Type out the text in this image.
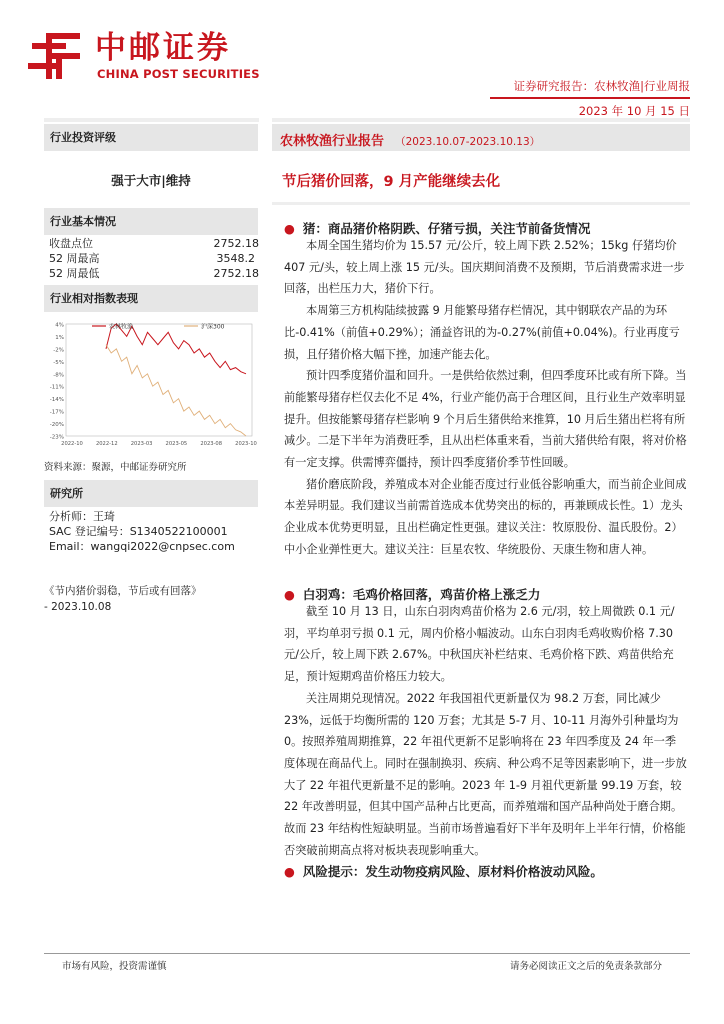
中邮证券
CHINA POST SECURITIES
证券研究报告：农林牧渔|行业周报
2023 年 10 月 15 日
行业投资评级
强于大市|维持
行业基本情况
收盘点位	2752.18
52 周最高	3548.2
52 周最低	2752.18
行业相对指数表现
4%
1%
-2%
-5%
-8%
-11%
-14%
-17%
-20%
-23%
2022-10	2022-12	2023-03	2023-05	2023-08	2023-10
农林牧渔	沪深300
资料来源：聚源，中邮证券研究所
研究所
分析师：王琦
SAC 登记编号：S1340522100001
Email：wangqi2022@cnpsec.com
《节内猪价弱稳，节后或有回落》
- 2023.10.08
农林牧渔行业报告 （2023.10.07-2023.10.13）
节后猪价回落，9 月产能继续去化
● 猪：商品猪价格阴跌、仔猪亏损，关注节前备货情况

本周全国生猪均价为 15.57 元/公斤，较上周下跌 2.52%；15kg 仔猪均价 407 元/头，较上周上涨 15 元/头。国庆期间消费不及预期，节后消费需求进一步回落，出栏压力大，猪价下行。

本周第三方机构陆续披露 9 月能繁母猪存栏情况，其中钢联农产品的为环比-0.41%（前值+0.29%）；涌益咨讯的为-0.27%(前值+0.04%)。行业再度亏损，且仔猪价格大幅下挫，加速产能去化。

预计四季度猪价温和回升。一是供给依然过剩，但四季度环比或有所下降。当前能繁母猪存栏仅去化不足 4%，行业产能仍高于合理区间，且行业生产效率明显提升。但按能繁母猪存栏影响 9 个月后生猪供给来推算，10 月后生猪出栏将有所减少。二是下半年为消费旺季，且从出栏体重来看，当前大猪供给有限，将对价格有一定支撑。供需博弈僵持，预计四季度猪价季节性回暖。

猪价磨底阶段，养殖成本对企业能否度过行业低谷影响重大，而当前企业间成本差异明显。我们建议当前需首选成本优势突出的标的，再兼顾成长性。1）龙头企业成本优势更明显，且出栏确定性更强。建议关注：牧原股份、温氏股份。2）中小企业弹性更大。建议关注：巨星农牧、华统股份、天康生物和唐人神。

● 白羽鸡：毛鸡价格回落，鸡苗价格上涨乏力

截至 10 月 13 日，山东白羽肉鸡苗价格为 2.6 元/羽，较上周微跌 0.1 元/羽，平均单羽亏损 0.1 元，周内价格小幅波动。山东白羽肉毛鸡收购价格 7.30 元/公斤，较上周下跌 2.67%。中秋国庆补栏结束、毛鸡价格下跌、鸡苗供给充足，预计短期鸡苗价格压力较大。

关注周期兑现情况。2022 年我国祖代更新量仅为 98.2 万套，同比减少 23%，远低于均衡所需的 120 万套；尤其是 5-7 月、10-11 月海外引种量均为 0。按照养殖周期推算，22 年祖代更新不足影响将在 23 年四季度及 24 年一季度体现在商品代上。同时在强制换羽、疾病、种公鸡不足等因素影响下，进一步放大了 22 年祖代更新量不足的影响。2023 年 1-9 月祖代更新量 99.19 万套，较 22 年改善明显，但其中国产品种占比更高，而养殖端和国产品种尚处于磨合期。故而 23 年结构性短缺明显。当前市场普遍看好下半年及明年上半年行情，价格能否突破前期高点将对板块表现影响重大。

● 风险提示：发生动物疫病风险、原材料价格波动风险。
市场有风险，投资需谨慎	请务必阅读正文之后的免责条款部分
